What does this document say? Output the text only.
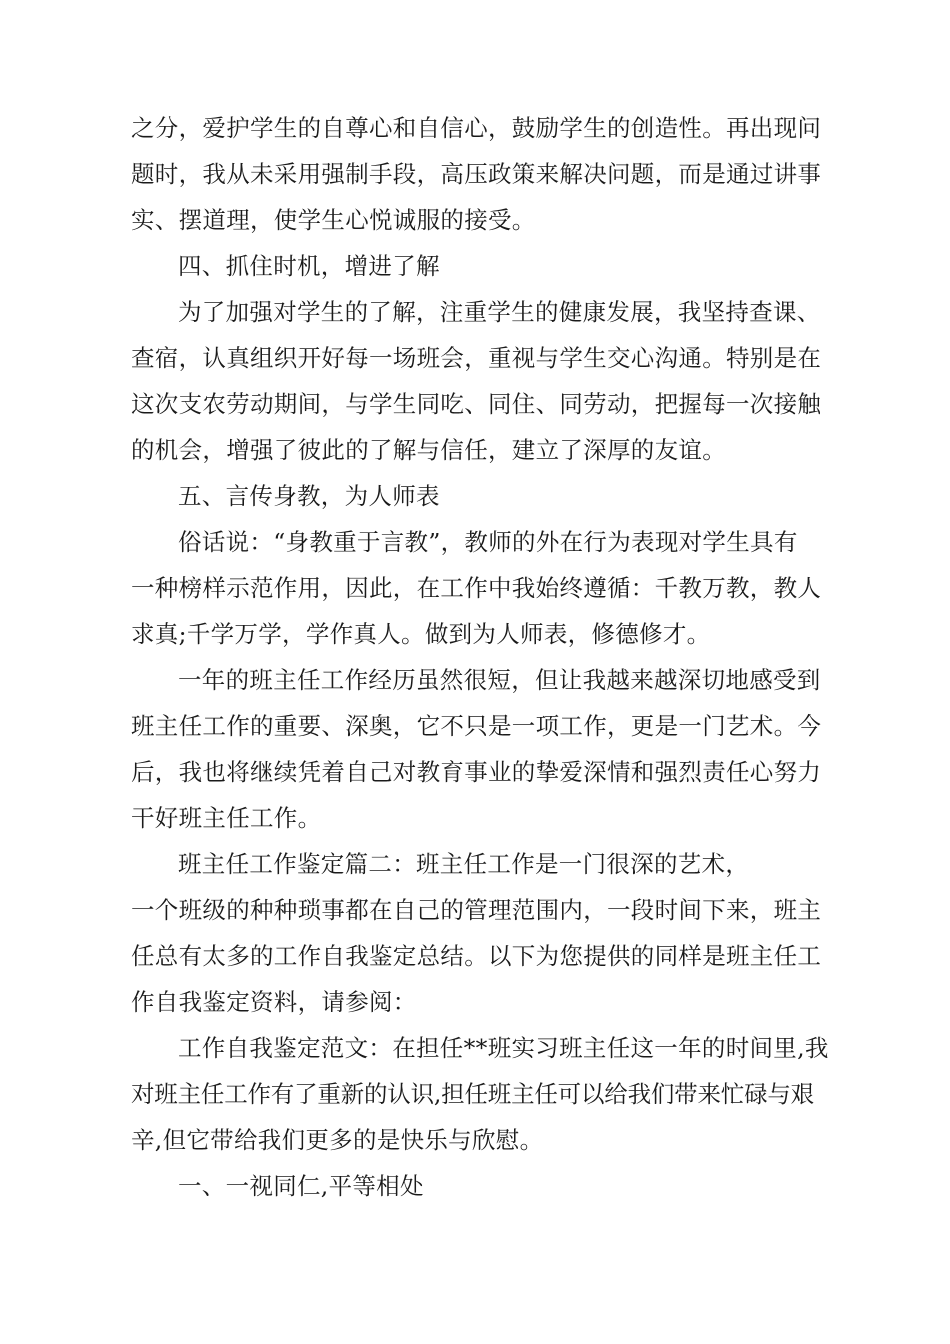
之分，爱护学生的自尊心和自信心，鼓励学生的创造性。再出现问
题时，我从未采用强制手段，高压政策来解决问题，而是通过讲事
实、摆道理，使学生心悦诚服的接受。
四、抓住时机，增进了解
为了加强对学生的了解，注重学生的健康发展，我坚持查课、
查宿，认真组织开好每一场班会，重视与学生交心沟通。特别是在
这次支农劳动期间，与学生同吃、同住、同劳动，把握每一次接触
的机会，增强了彼此的了解与信任，建立了深厚的友谊。
五、言传身教，为人师表
俗话说：“身教重于言教”，教师的外在行为表现对学生具有
一种榜样示范作用，因此，在工作中我始终遵循：千教万教，教人
求真;千学万学，学作真人。做到为人师表，修德修才。
一年的班主任工作经历虽然很短，但让我越来越深切地感受到
班主任工作的重要、深奥，它不只是一项工作，更是一门艺术。今
后，我也将继续凭着自己对教育事业的挚爱深情和强烈责任心努力
干好班主任工作。
班主任工作鉴定篇二：班主任工作是一门很深的艺术，
一个班级的种种琐事都在自己的管理范围内，一段时间下来，班主
任总有太多的工作自我鉴定总结。以下为您提供的同样是班主任工
作自我鉴定资料，请参阅：
工作自我鉴定范文：在担任**班实习班主任这一年的时间里,我
对班主任工作有了重新的认识,担任班主任可以给我们带来忙碌与艰
辛,但它带给我们更多的是快乐与欣慰。
一、一视同仁,平等相处
